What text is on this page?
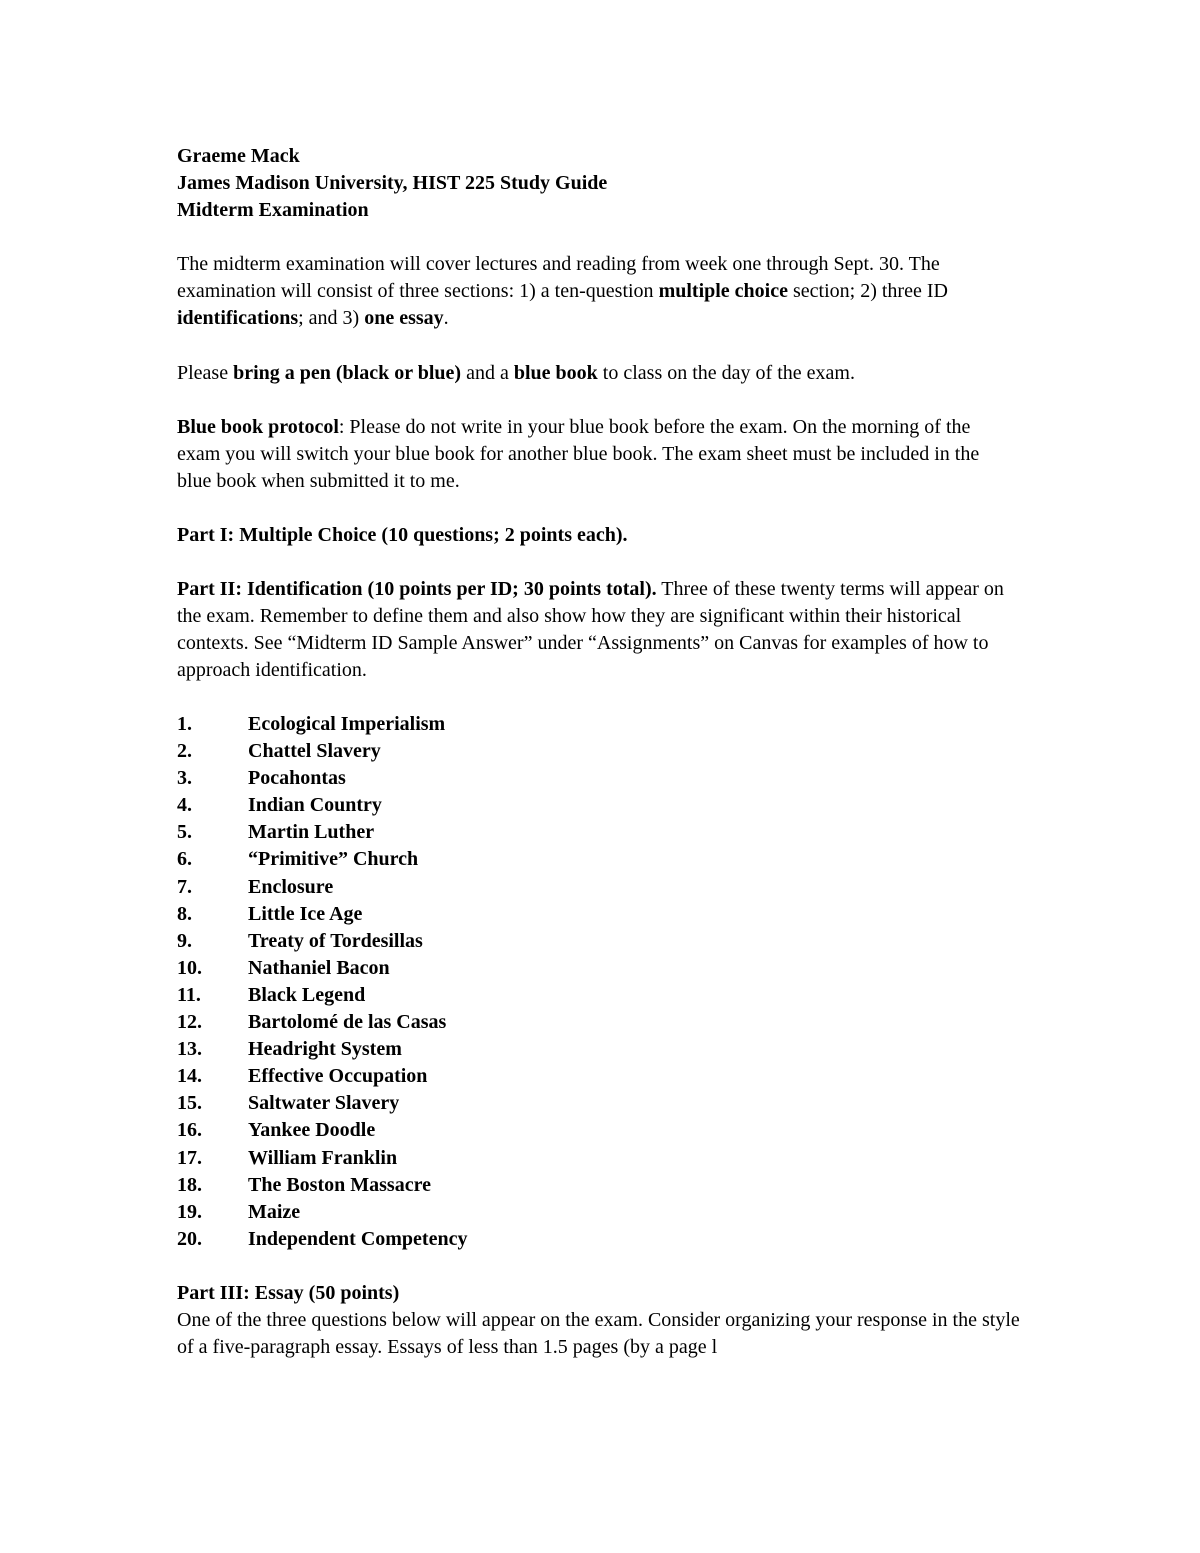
Graeme Mack

James Madison University, HIST 225 Study Guide

Midterm Examination

The midterm examination will cover lectures and reading from week one through Sept. 30. The examination will consist of three sections: 1) a ten-question multiple choice section; 2) three ID identifications; and 3) one essay.

Please bring a pen (black or blue) and a blue book to class on the day of the exam.

Blue book protocol: Please do not write in your blue book before the exam. On the morning of the exam you will switch your blue book for another blue book. The exam sheet must be included in the blue book when submitted it to me.

Part I: Multiple Choice (10 questions; 2 points each).

Part II: Identification (10 points per ID; 30 points total). Three of these twenty terms will appear on the exam. Remember to define them and also show how they are significant within their historical contexts. See “Midterm ID Sample Answer” under “Assignments” on Canvas for examples of how to approach identification.

1.	Ecological Imperialism
2.	Chattel Slavery
3.	Pocahontas
4.	Indian Country
5.	Martin Luther
6.	“Primitive” Church
7.	Enclosure
8.	Little Ice Age
9.	Treaty of Tordesillas
10. Nathaniel Bacon
11. Black Legend
12. Bartolomé de las Casas
13. Headright System
14. Effective Occupation
15. Saltwater Slavery
16. Yankee Doodle
17. William Franklin
18. The Boston Massacre
19. Maize
20. Independent Competency

Part III: Essay (50 points)

One of the three questions below will appear on the exam. Consider organizing your response in the style of a five-paragraph essay. Essays of less than 1.5 pages (by a page l
